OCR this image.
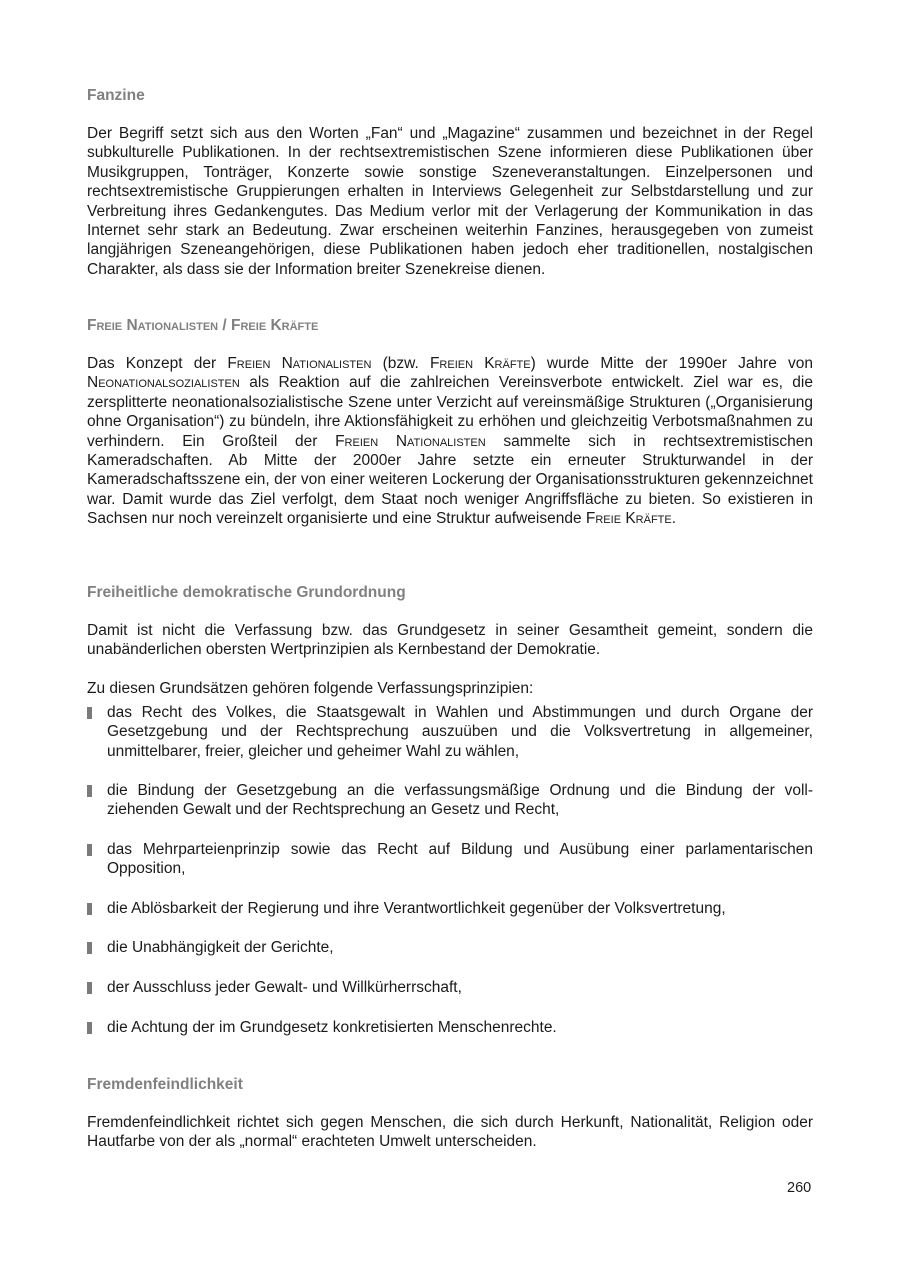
Fanzine

Der Begriff setzt sich aus den Worten „Fan“ und „Magazine“ zusammen und bezeichnet in der Regel subkulturelle Publikationen. In der rechtsextremistischen Szene informieren diese Publikationen über Musikgruppen, Tonträger, Konzerte sowie sonstige Szeneveranstaltungen. Einzelpersonen und rechtsextremistische Gruppierungen erhalten in Interviews Gelegenheit zur Selbstdarstellung und zur Verbreitung ihres Gedankengutes. Das Medium verlor mit der Verlagerung der Kommunikation in das Internet sehr stark an Bedeutung. Zwar erscheinen weiterhin Fanzines, herausgegeben von zumeist langjährigen Szeneangehörigen, diese Publikationen haben jedoch eher traditionellen, nostalgischen Charakter, als dass sie der Information breiter Szenekreise dienen.

Freie Nationalisten / Freie Kräfte

Das Konzept der Freien Nationalisten (bzw. Freien Kräfte) wurde Mitte der 1990er Jahre von Neonationalsozialisten als Reaktion auf die zahlreichen Vereinsverbote entwickelt. Ziel war es, die zersplitterte neonationalsozialistische Szene unter Verzicht auf vereinsmäßige Strukturen („Organisierung ohne Organisation“) zu bündeln, ihre Aktionsfähigkeit zu erhöhen und gleichzeitig Verbotsmaßnahmen zu verhindern. Ein Großteil der Freien Nationalisten sammelte sich in rechtsextremistischen Kameradschaften. Ab Mitte der 2000er Jahre setzte ein erneuter Strukturwandel in der Kameradschaftsszene ein, der von einer weiteren Lockerung der Organisationsstrukturen gekennzeichnet war. Damit wurde das Ziel verfolgt, dem Staat noch weniger Angriffsfläche zu bieten. So existieren in Sachsen nur noch vereinzelt organisierte und eine Struktur aufweisende Freie Kräfte.

Freiheitliche demokratische Grundordnung

Damit ist nicht die Verfassung bzw. das Grundgesetz in seiner Gesamtheit gemeint, sondern die unabänderlichen obersten Wertprinzipien als Kernbestand der Demokratie.

Zu diesen Grundsätzen gehören folgende Verfassungsprinzipien:

das Recht des Volkes, die Staatsgewalt in Wahlen und Abstimmungen und durch Organe der Gesetzgebung und der Rechtsprechung auszuüben und die Volksvertretung in allgemeiner, unmittelbarer, freier, gleicher und geheimer Wahl zu wählen,
die Bindung der Gesetzgebung an die verfassungsmäßige Ordnung und die Bindung der vollziehenden Gewalt und der Rechtsprechung an Gesetz und Recht,
das Mehrparteienprinzip sowie das Recht auf Bildung und Ausübung einer parlamentarischen Opposition,
die Ablösbarkeit der Regierung und ihre Verantwortlichkeit gegenüber der Volksvertretung,
die Unabhängigkeit der Gerichte,
der Ausschluss jeder Gewalt- und Willkürherrschaft,
die Achtung der im Grundgesetz konkretisierten Menschenrechte.
Fremdenfeindlichkeit

Fremdenfeindlichkeit richtet sich gegen Menschen, die sich durch Herkunft, Nationalität, Religion oder Hautfarbe von der als „normal“ erachteten Umwelt unterscheiden.

260
